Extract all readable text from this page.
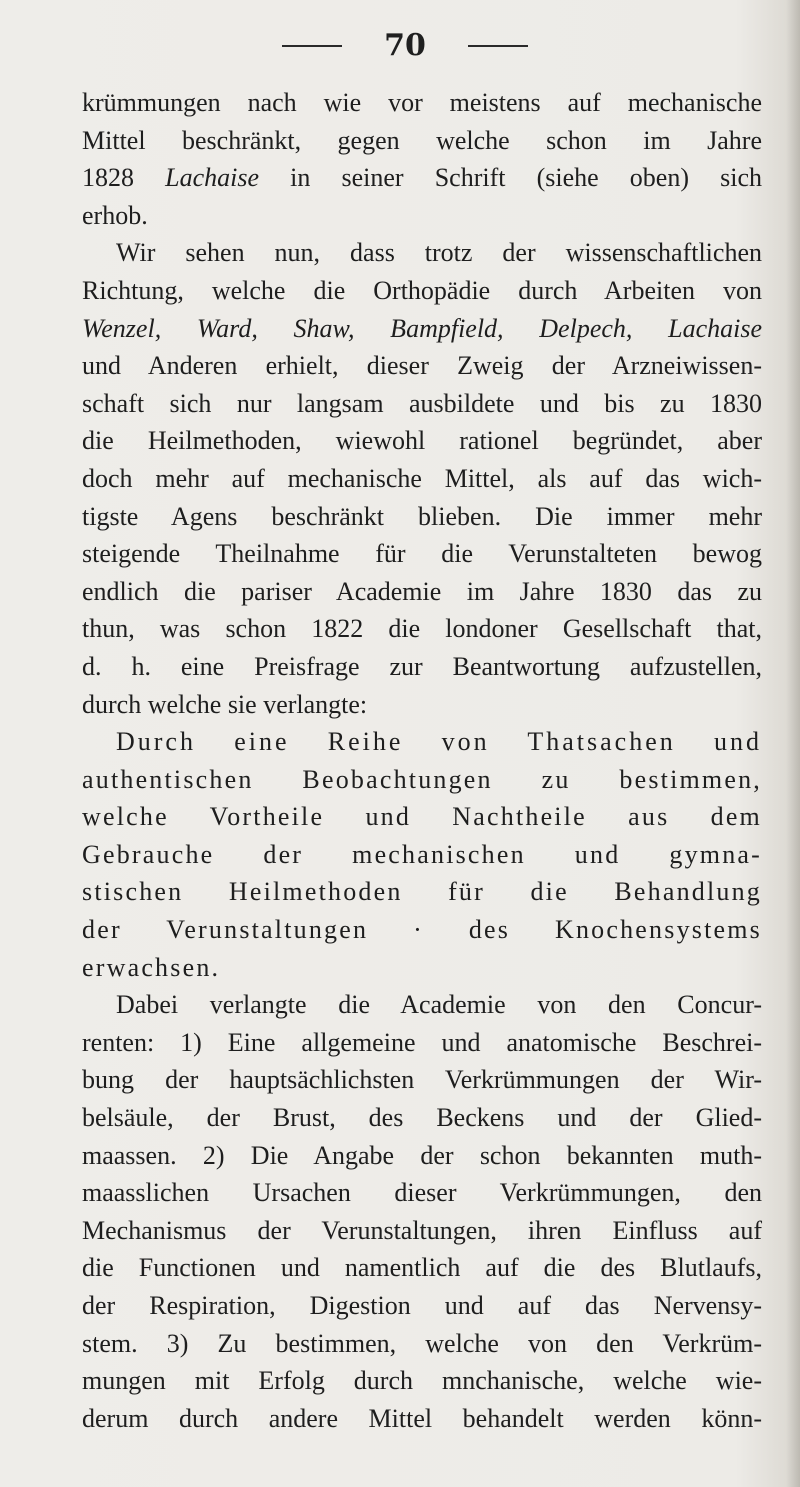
70
krümmungen nach wie vor meistens auf mechanische
Mittel beschränkt, gegen welche schon im Jahre
1828 Lachaise in seiner Schrift (siehe oben) sich
erhob.
Wir sehen nun, dass trotz der wissenschaftlichen
Richtung, welche die Orthopädie durch Arbeiten von
Wenzel, Ward, Shaw, Bampfield, Delpech, Lachaise
und Anderen erhielt, dieser Zweig der Arzneiwissen-
schaft sich nur langsam ausbildete und bis zu 1830
die Heilmethoden, wiewohl rationel begründet, aber
doch mehr auf mechanische Mittel, als auf das wich-
tigste Agens beschränkt blieben. Die immer mehr
steigende Theilnahme für die Verunstalteten bewog
endlich die pariser Academie im Jahre 1830 das zu
thun, was schon 1822 die londoner Gesellschaft that,
d. h. eine Preisfrage zur Beantwortung aufzustellen,
durch welche sie verlangte:
Durch eine Reihe von Thatsachen und
authentischen Beobachtungen zu bestimmen,
welche Vortheile und Nachtheile aus dem
Gebrauche der mechanischen und gymna-
stischen Heilmethoden für die Behandlung
der Verunstaltungen · des Knochensystems
erwachsen.
Dabei verlangte die Academie von den Concur-
renten: 1) Eine allgemeine und anatomische Beschrei-
bung der hauptsächlichsten Verkrümmungen der Wir-
belsäule, der Brust, des Beckens und der Glied-
maassen. 2) Die Angabe der schon bekannten muth-
maasslichen Ursachen dieser Verkrümmungen, den
Mechanismus der Verunstaltungen, ihren Einfluss auf
die Functionen und namentlich auf die des Blutlaufs,
der Respiration, Digestion und auf das Nervensy-
stem. 3) Zu bestimmen, welche von den Verkrüm-
mungen mit Erfolg durch mnchanische, welche wie-
derum durch andere Mittel behandelt werden könn-
